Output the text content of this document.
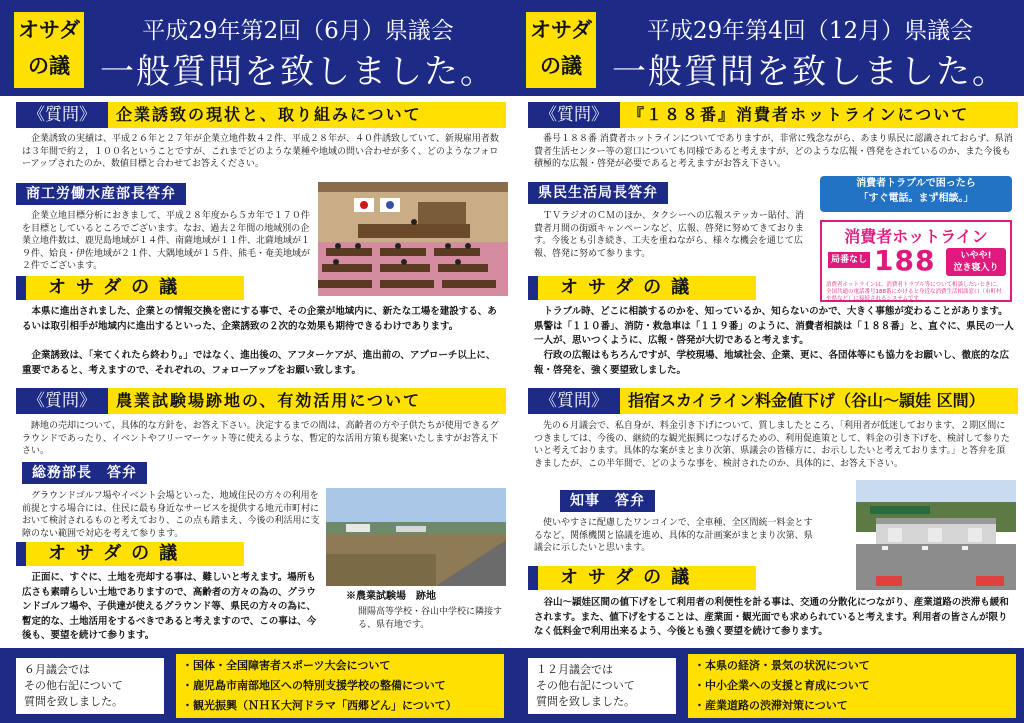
オサダ
の議
平成29年第2回（6月）県議会
一般質問を致しました。
《質問》	企業誘致の現状と、取り組みについて
企業誘致の実績は、平成２６年と２７年が企業立地件数４２件、平成２８年が、４０件誘致していて、新規雇用者数は３年間で約２，１００名ということですが、これまでどのような業種や地域の問い合わせが多く、どのようなフォローアップされたのか、数値目標と合わせてお答えください。
商工労働水産部長答弁
企業立地目標分析におきまして、平成２８年度から５カ年で１７０件を目標としているところでございます。なお、過去２年間の地域別の企業立地件数は、鹿児島地域が１４件、南薩地域が１１件、北薩地域が１９件、姶良・伊佐地域が２１件、大隅地域が１５件、熊毛・奄美地域が２件でございます。
オサダの議
本県に進出されました、企業との情報交換を密にする事で、その企業が地域内に、新たな工場を建設する、あるいは取引相手が地域内に進出するといった、企業誘致の２次的な効果も期待できるわけであります。
企業誘致は、「来てくれたら終わり。」ではなく、進出後の、アフターケアが、進出前の、アプローチ以上に、重要であると、考えますので、それぞれの、フォローアップをお願い致します。
《質問》	農業試験場跡地の、有効活用について
跡地の売却について、具体的な方針を、お答え下さい。決定するまでの間は、高齢者の方や子供たちが使用できるグラウンドであったり、イベントやフリーマーケット等に使えるような、暫定的な活用方策も提案いたしますがお答え下さい。
総務部長　答弁
グラウンドゴルフ場やイベント会場といった、地域住民の方々の利用を前提とする場合には、住民に最も身近なサービスを提供する地元市町村において検討されるものと考えており、この点も踏まえ、今後の利活用に支障のない範囲で対応を考えて参ります。
※農業試験場　跡地
開陽高等学校・谷山中学校に隣接する、県有地です。
オサダの議
正面に、すぐに、土地を売却する事は、難しいと考えます。場所も広さも素晴らしい土地でありますので、高齢者の方々の為の、グラウンドゴルフ場や、子供達が使えるグラウンド等、県民の方々の為に、暫定的な、土地活用をするべきであると考えますので、この事は、今後も、要望を続けて参ります。
６月議会では
その他右記について
質問を致しました。
・国体・全国障害者スポーツ大会について
・鹿児島市南部地区への特別支援学校の整備について
・観光振興（ＮＨＫ大河ドラマ「西郷どん」について）
オサダ
の議
平成29年第4回（12月）県議会
一般質問を致しました。
《質問》	『１８８番』消費者ホットラインについて
番号１８８番 消費者ホットラインについてでありますが、非常に残念ながら、あまり県民に認識されておらず、県消費者生活センター等の窓口についても同様であると考えますが、どのような広報・啓発をされているのか、また今後も積極的な広報・啓発が必要であると考えますがお答え下さい。
県民生活局長答弁
ＴＶラジオのＣＭのほか、タクシーへの広報ステッカー貼付、消費者月間の街頭キャンペーンなど、広報、啓発に努めてきております。今後とも引き続き、工夫を重ねながら、様々な機会を通じて広報、啓発に努めて参ります。
オサダの議
トラブル時、どこに相談するのかを、知っているか、知らないのかで、大きく事態が変わることがあります。県警は「１１０番」、消防・救急車は「１１９番」のように、消費者相談は「１８８番」と、直ぐに、県民の一人一人が、思いつくように、広報・啓発が大切であると考えます。
行政の広報はもちろんですが、学校現場、地域社会、企業、更に、各団体等にも協力をお願いし、徹底的な広報・啓発を、強く要望致しました。
《質問》	指宿スカイライン料金値下げ（谷山～頴娃 区間）
先の６月議会で、私自身が、料金引き下げについて、質しましたところ、「利用者が低迷しております、２期区間につきましては、今後の、継続的な観光振興につなげるための、利用促進策として、料金の引き下げを、検討して参りたいと考えております。具体的な案がまとまり次第、県議会の皆様方に、お示ししたいと考えております。」と答弁を頂きましたが、この半年間で、どのような事を、検討されたのか、具体的に、お答え下さい。
知事　答弁
使いやすさに配慮したワンコインで、全車種、全区間統一料金とするなど、関係機関と協議を進め、具体的な計画案がまとまり次第、県議会に示したいと思います。
オサダの議
谷山～頴娃区間の値下げをして利用者の利便性を計る事は、交通の分散化につながり、産業道路の渋滞も緩和されます。また、値下げをすることは、産業面・観光面でも求められていると考えます。利用者の皆さんが限りなく低料金で利用出来るよう、今後とも強く要望を続けて参ります。
１２月議会では
その他右記について
質問を致しました。
・本県の経済・景気の状況について
・中小企業への支援と育成について
・産業道路の渋滞対策について
消費者トラブルで困ったら
「すぐ電話。まず相談。」
消費者ホットライン
局番なし 188	いやや!
泣き寝入り
消費者ホットラインは、消費者トラブル等について相談したいときに、全国共通の電話番号188番にかけると身近な消費生活相談窓口（市町村や県など）に接続されるシステムです。
